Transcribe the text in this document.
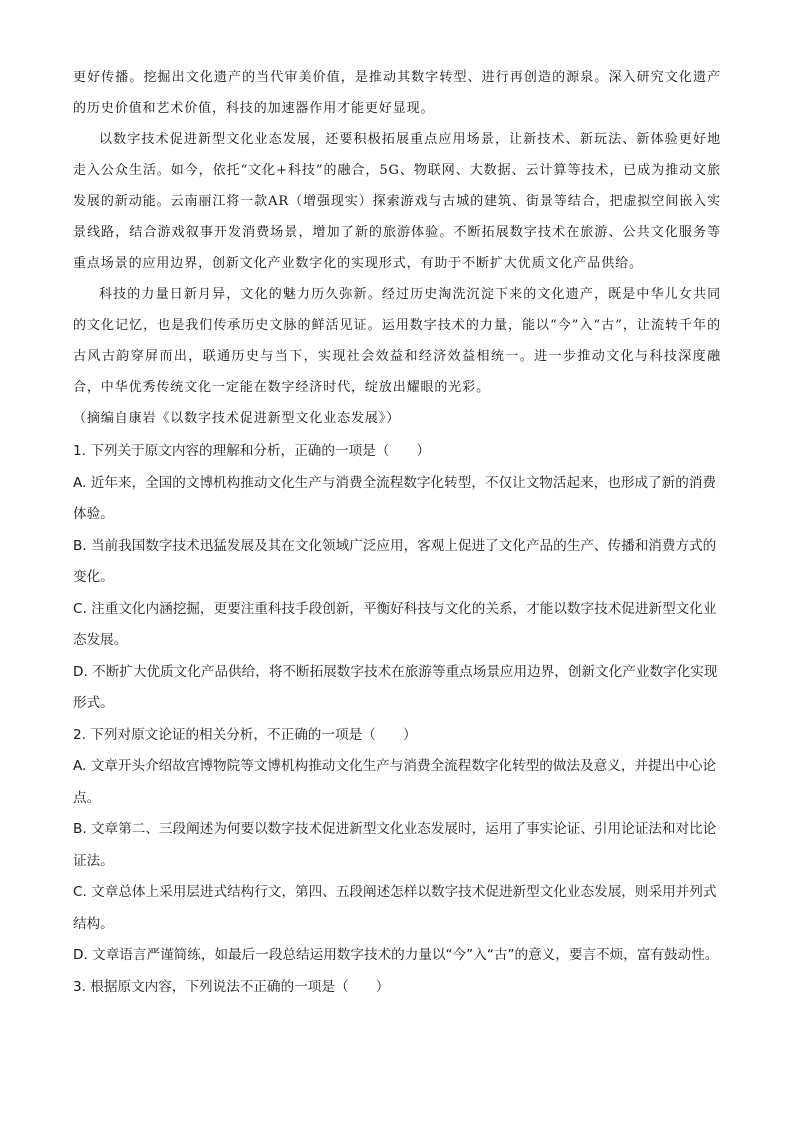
更好传播。挖掘出文化遗产的当代审美价值，是推动其数字转型、进行再创造的源泉。深入研究文化遗产的历史价值和艺术价值，科技的加速器作用才能更好显现。

以数字技术促进新型文化业态发展，还要积极拓展重点应用场景，让新技术、新玩法、新体验更好地走入公众生活。如今，依托“文化+科技”的融合，5G、物联网、大数据、云计算等技术，已成为推动文旅发展的新动能。云南丽江将一款AR（增强现实）探索游戏与古城的建筑、街景等结合，把虚拟空间嵌入实景线路，结合游戏叙事开发消费场景，增加了新的旅游体验。不断拓展数字技术在旅游、公共文化服务等重点场景的应用边界，创新文化产业数字化的实现形式，有助于不断扩大优质文化产品供给。

科技的力量日新月异，文化的魅力历久弥新。经过历史淘洗沉淀下来的文化遗产，既是中华儿女共同的文化记忆，也是我们传承历史文脉的鲜活见证。运用数字技术的力量，能以“今”入“古”，让流转千年的古风古韵穿屏而出，联通历史与当下，实现社会效益和经济效益相统一。进一步推动文化与科技深度融合，中华优秀传统文化一定能在数字经济时代，绽放出耀眼的光彩。

（摘编自康岩《以数字技术促进新型文化业态发展》）

1. 下列关于原文内容的理解和分析，正确的一项是（　　）

A. 近年来，全国的文博机构推动文化生产与消费全流程数字化转型，不仅让文物活起来，也形成了新的消费体验。

B. 当前我国数字技术迅猛发展及其在文化领域广泛应用，客观上促进了文化产品的生产、传播和消费方式的变化。

C. 注重文化内涵挖掘，更要注重科技手段创新，平衡好科技与文化的关系，才能以数字技术促进新型文化业态发展。

D. 不断扩大优质文化产品供给，将不断拓展数字技术在旅游等重点场景应用边界，创新文化产业数字化实现形式。

2. 下列对原文论证的相关分析，不正确的一项是（　　）

A. 文章开头介绍故宫博物院等文博机构推动文化生产与消费全流程数字化转型的做法及意义，并提出中心论点。

B. 文章第二、三段阐述为何要以数字技术促进新型文化业态发展时，运用了事实论证、引用论证法和对比论证法。

C. 文章总体上采用层进式结构行文，第四、五段阐述怎样以数字技术促进新型文化业态发展，则采用并列式结构。

D. 文章语言严谨简练，如最后一段总结运用数字技术的力量以“今”入“古”的意义，要言不烦，富有鼓动性。

3. 根据原文内容，下列说法不正确的一项是（　　）
